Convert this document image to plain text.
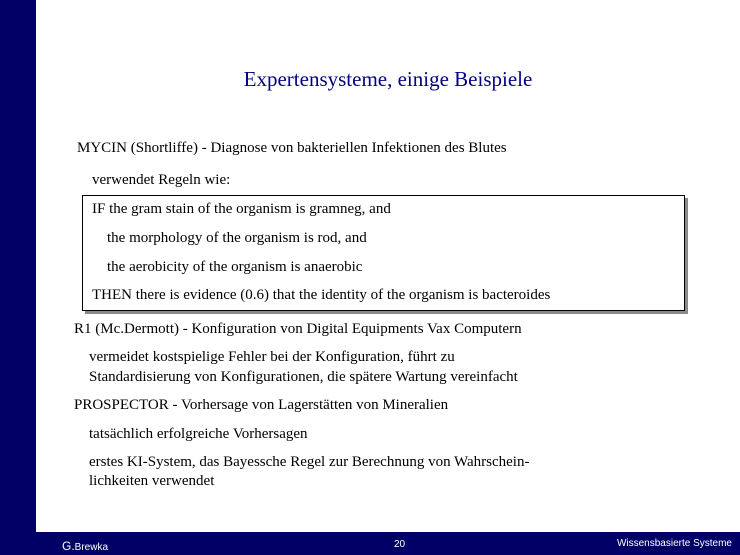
Expertensysteme, einige Beispiele
MYCIN (Shortliffe) - Diagnose von bakteriellen Infektionen des Blutes
verwendet Regeln wie:
IF the gram stain of the organism is gramneg, and
the morphology of the organism is rod, and
the aerobicity of the organism is anaerobic
THEN there is evidence (0.6) that the identity of the organism is bacteroides
R1 (Mc.Dermott) - Konfiguration von Digital Equipments Vax Computern
vermeidet kostspielige Fehler bei der Konfiguration, führt zu
Standardisierung von Konfigurationen, die spätere Wartung vereinfacht
PROSPECTOR - Vorhersage von Lagerstätten von Mineralien
tatsächlich erfolgreiche Vorhersagen
erstes KI-System, das Bayessche Regel zur Berechnung von Wahrschein-
lichkeiten verwendet
G.Brewka	20	Wissensbasierte Systeme
